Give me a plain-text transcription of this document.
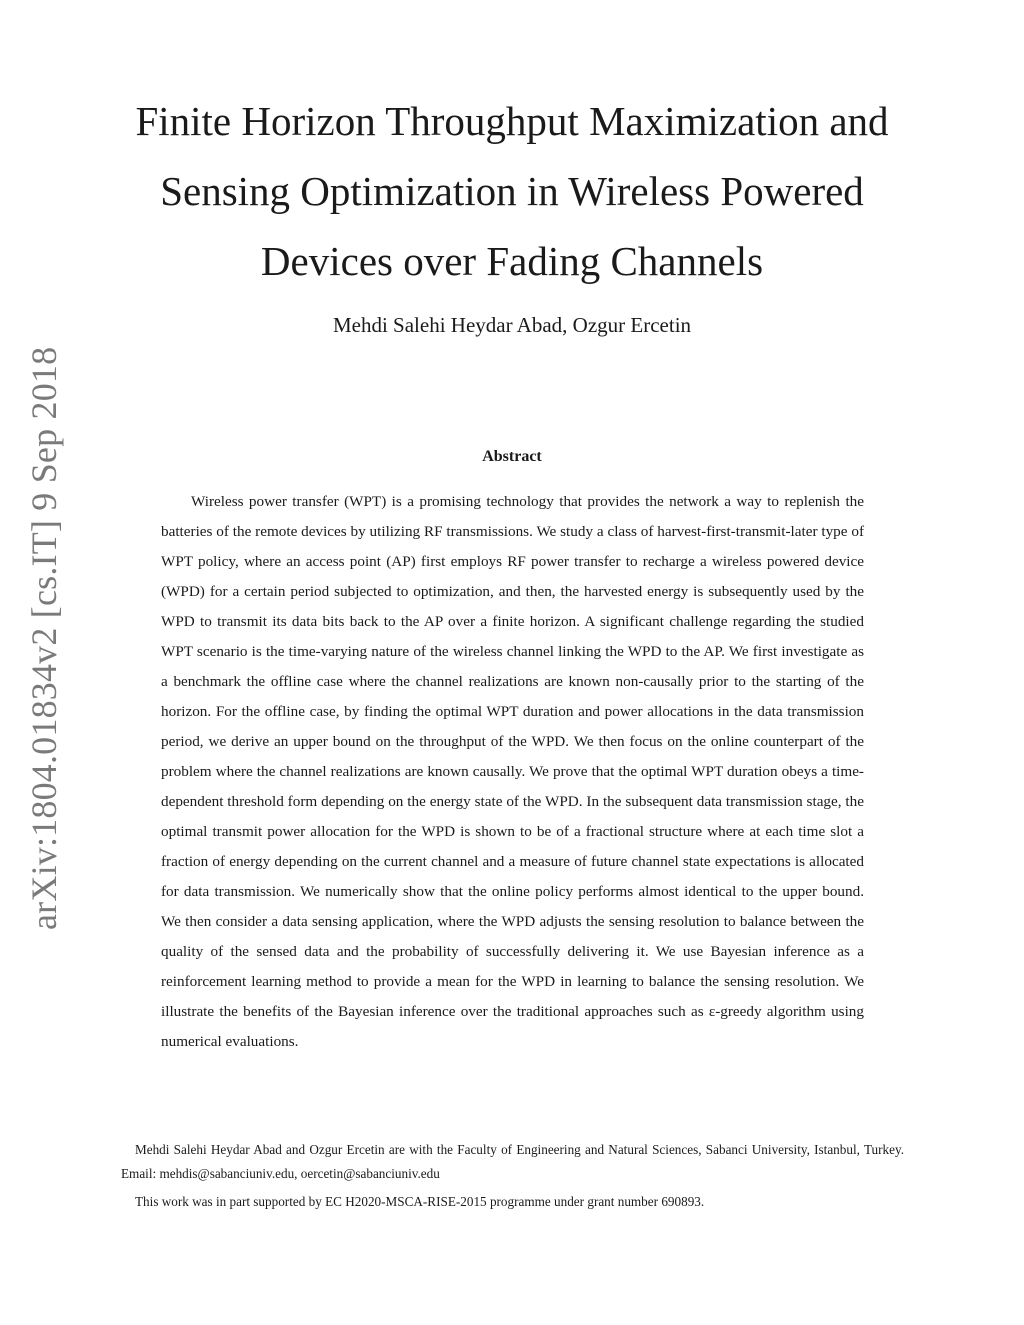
arXiv:1804.01834v2 [cs.IT] 9 Sep 2018
Finite Horizon Throughput Maximization and
Sensing Optimization in Wireless Powered
Devices over Fading Channels
Mehdi Salehi Heydar Abad, Ozgur Ercetin
Abstract

Wireless power transfer (WPT) is a promising technology that provides the network a way to replenish the batteries of the remote devices by utilizing RF transmissions. We study a class of harvest-first-transmit-later type of WPT policy, where an access point (AP) first employs RF power transfer to recharge a wireless powered device (WPD) for a certain period subjected to optimization, and then, the harvested energy is subsequently used by the WPD to transmit its data bits back to the AP over a finite horizon. A significant challenge regarding the studied WPT scenario is the time-varying nature of the wireless channel linking the WPD to the AP. We first investigate as a benchmark the offline case where the channel realizations are known non-causally prior to the starting of the horizon. For the offline case, by finding the optimal WPT duration and power allocations in the data transmission period, we derive an upper bound on the throughput of the WPD. We then focus on the online counterpart of the problem where the channel realizations are known causally. We prove that the optimal WPT duration obeys a time-dependent threshold form depending on the energy state of the WPD. In the subsequent data transmission stage, the optimal transmit power allocation for the WPD is shown to be of a fractional structure where at each time slot a fraction of energy depending on the current channel and a measure of future channel state expectations is allocated for data transmission. We numerically show that the online policy performs almost identical to the upper bound. We then consider a data sensing application, where the WPD adjusts the sensing resolution to balance between the quality of the sensed data and the probability of successfully delivering it. We use Bayesian inference as a reinforcement learning method to provide a mean for the WPD in learning to balance the sensing resolution. We illustrate the benefits of the Bayesian inference over the traditional approaches such as ε-greedy algorithm using numerical evaluations.

Mehdi Salehi Heydar Abad and Ozgur Ercetin are with the Faculty of Engineering and Natural Sciences, Sabanci University, Istanbul, Turkey. Email: mehdis@sabanciuniv.edu, oercetin@sabanciuniv.edu

This work was in part supported by EC H2020-MSCA-RISE-2015 programme under grant number 690893.
